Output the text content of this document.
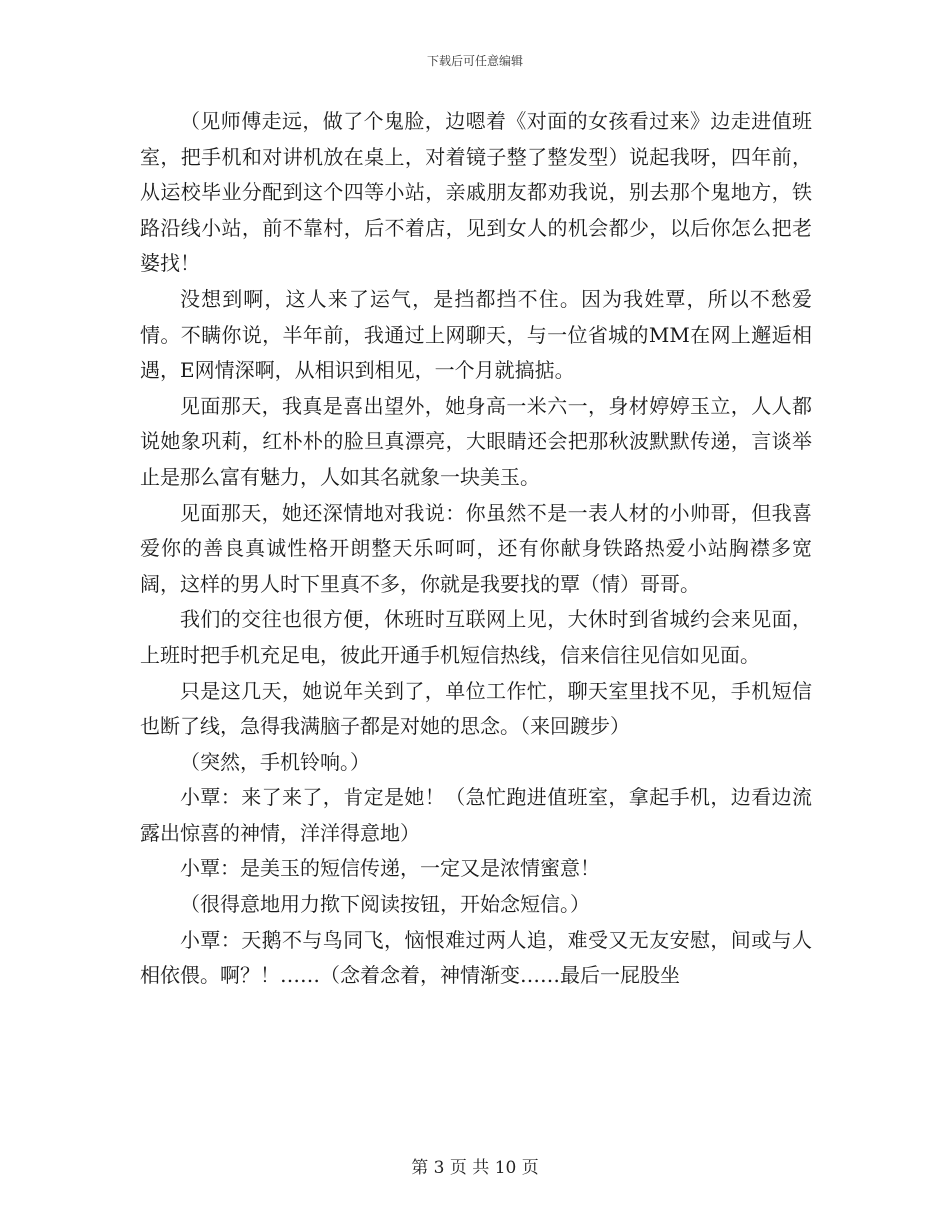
下载后可任意编辑

（见师傅走远，做了个鬼脸，边嗯着《对面的女孩看过来》边走进值班室，把手机和对讲机放在桌上，对着镜子整了整发型）说起我呀，四年前，从运校毕业分配到这个四等小站，亲戚朋友都劝我说，别去那个鬼地方，铁路沿线小站，前不靠村，后不着店，见到女人的机会都少，以后你怎么把老婆找！

没想到啊，这人来了运气，是挡都挡不住。因为我姓覃，所以不愁爱情。不瞒你说，半年前，我通过上网聊天，与一位省城的MM在网上邂逅相遇，E网情深啊，从相识到相见，一个月就搞掂。

见面那天，我真是喜出望外，她身高一米六一，身材婷婷玉立，人人都说她象巩莉，红朴朴的脸旦真漂亮，大眼睛还会把那秋波默默传递，言谈举止是那么富有魅力，人如其名就象一块美玉。

见面那天，她还深情地对我说：你虽然不是一表人材的小帅哥，但我喜爱你的善良真诚性格开朗整天乐呵呵，还有你献身铁路热爱小站胸襟多宽阔，这样的男人时下里真不多，你就是我要找的覃（情）哥哥。

我们的交往也很方便，休班时互联网上见，大休时到省城约会来见面，上班时把手机充足电，彼此开通手机短信热线，信来信往见信如见面。

只是这几天，她说年关到了，单位工作忙，聊天室里找不见，手机短信也断了线，急得我满脑子都是对她的思念。（来回踱步）

（突然，手机铃响。）

小覃：来了来了，肯定是她！（急忙跑进值班室，拿起手机，边看边流露出惊喜的神情，洋洋得意地）

小覃：是美玉的短信传递，一定又是浓情蜜意！

（很得意地用力揿下阅读按钮，开始念短信。）

小覃：天鹅不与鸟同飞，恼恨难过两人追，难受又无友安慰，间或与人相依偎。啊？！……（念着念着，神情渐变……最后一屁股坐

第 3 页 共 10 页
